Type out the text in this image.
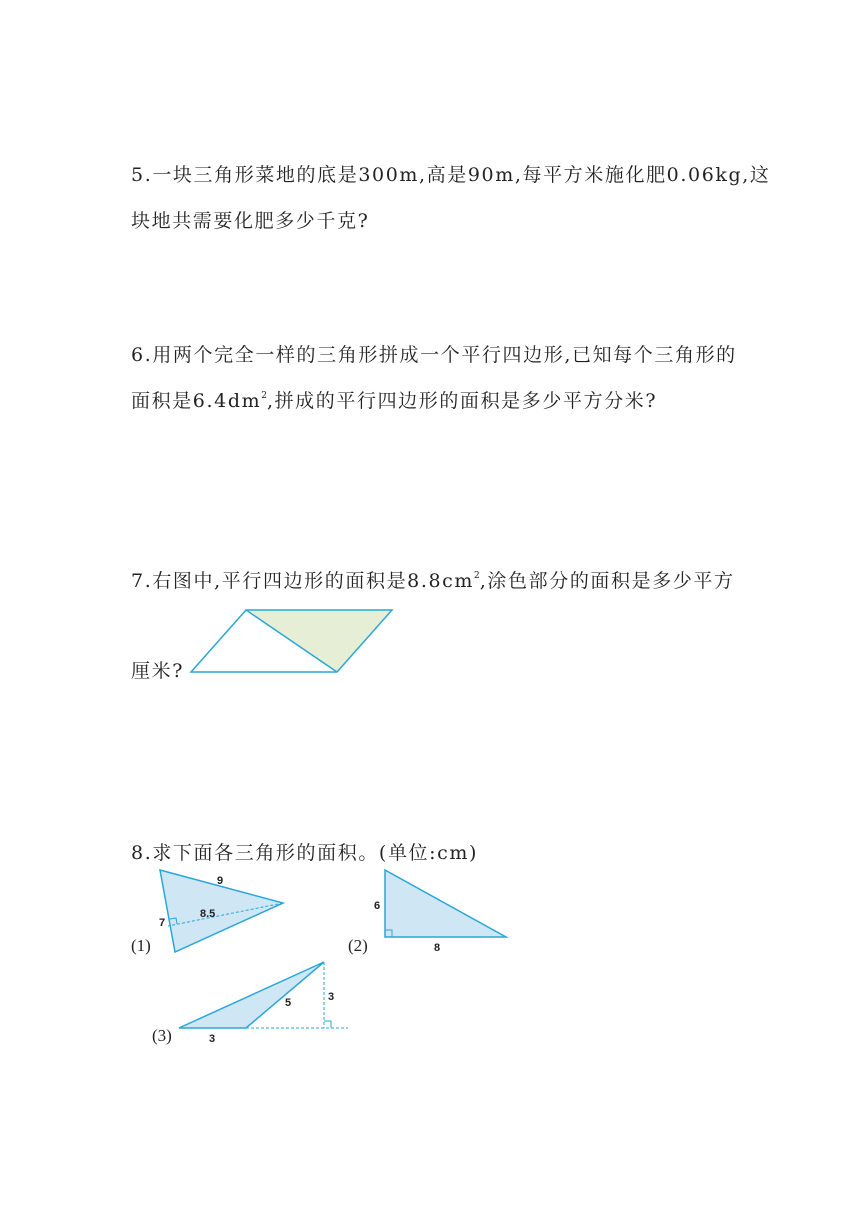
5.一块三角形菜地的底是300m,高是90m,每平方米施化肥0.06kg,这
块地共需要化肥多少千克?
6.用两个完全一样的三角形拼成一个平行四边形,已知每个三角形的
面积是$6.4dm^2$,拼成的平行四边形的面积是多少平方分米?
7.右图中,平行四边形的面积是$8.8cm^2$,涂色部分的面积是多少平方
厘米?
8.求下面各三角形的面积。(单位:cm)
(1)	(2)
(3)
9
8.5
7
6
8
3
5	3
